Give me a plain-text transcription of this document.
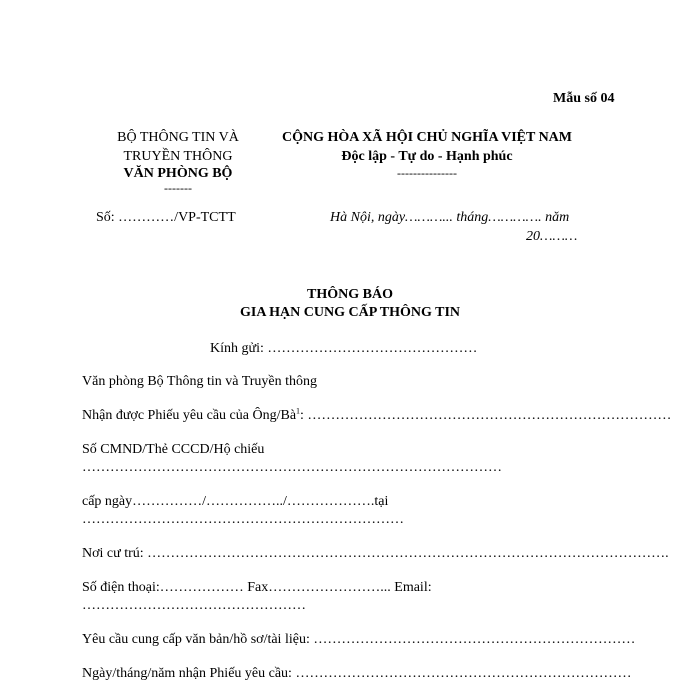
Mẫu số 04
BỘ THÔNG TIN VÀ
TRUYỀN THÔNG
VĂN PHÒNG BỘ
-------
Số: …………/VP-TCTT
CỘNG HÒA XÃ HỘI CHỦ NGHĨA VIỆT NAM
Độc lập - Tự do - Hạnh phúc
---------------
Hà Nội, ngày………... tháng…………. năm
20………
THÔNG BÁO
GIA HẠN CUNG CẤP THÔNG TIN
Kính gửi: ………………………………………
Văn phòng Bộ Thông tin và Truyền thông
Nhận được Phiếu yêu cầu của Ông/$Bà^1$: ……………………………………………………………………
Số CMND/Thẻ CCCD/Hộ chiếu
………………………………………………………………………………
cấp ngày……………/……………../……………….tại
……………………………………………………………
Nơi cư trú: ………………………………………………………………………………………………….
Số điện thoại:……………… Fax……………………... Email:
…………………………………………
Yêu cầu cung cấp văn bản/hồ sơ/tài liệu: ……………………………………………………………
Ngày/tháng/năm nhận Phiếu yêu cầu: ………………………………………………………………
